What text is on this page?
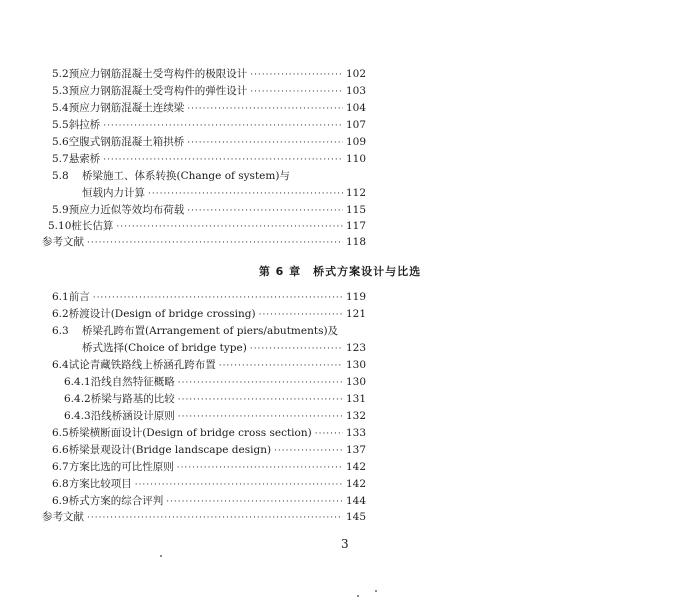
5.2 预应力钢筋混凝土受弯构件的极限设计 ·····	102
5.3 预应力钢筋混凝土受弯构件的弹性设计 ·····	103
5.4 预应力钢筋混凝土连续梁 ·····	104
5.5 斜拉桥 ·····	107
5.6 空腹式钢筋混凝土箱拱桥 ·····	109
5.7 悬索桥 ·····	110
5.8	桥梁施工、体系转换(Change of system)与
恒载内力计算 ·····	112
5.9 预应力近似等效均布荷载 ·····	115
5.10 桩长估算 ·····	117
参考文献 ·····	118
第 6 章　桥式方案设计与比选
6.1 前言 ·····	119
6.2 桥渡设计(Design of bridge crossing) ·····	121
6.3	桥梁孔跨布置(Arrangement of piers/abutments)及
桥式选择(Choice of bridge type) ·····	123
6.4 试论青藏铁路线上桥涵孔跨布置 ·····	130
6.4.1 沿线自然特征概略 ·····	130
6.4.2 桥梁与路基的比较 ·····	131
6.4.3 沿线桥涵设计原则 ·····	132
6.5 桥梁横断面设计(Design of bridge cross section) ·····	133
6.6 桥梁景观设计(Bridge landscape design) ·····	137
6.7 方案比选的可比性原则 ·····	142
6.8 方案比较项目 ·····	142
6.9 桥式方案的综合评判 ·····	144
参考文献 ·····	145
3
